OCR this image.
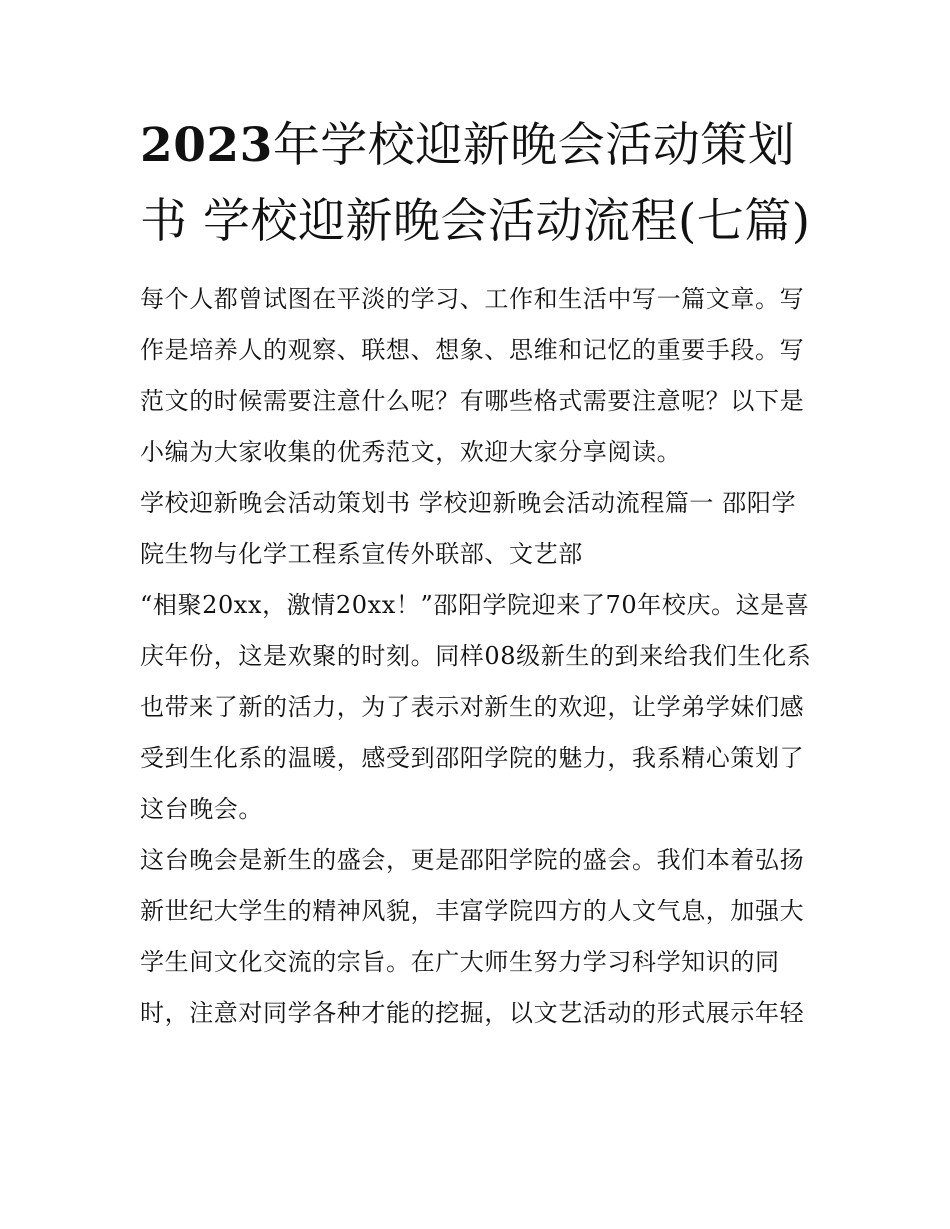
2023年学校迎新晚会活动策划书 学校迎新晚会活动流程(七篇)

每个人都曾试图在平淡的学习、工作和生活中写一篇文章。写作是培养人的观察、联想、想象、思维和记忆的重要手段。写范文的时候需要注意什么呢？有哪些格式需要注意呢？以下是小编为大家收集的优秀范文，欢迎大家分享阅读。

学校迎新晚会活动策划书 学校迎新晚会活动流程篇一 邵阳学院生物与化学工程系宣传外联部、文艺部

“相聚20xx，激情20xx！”邵阳学院迎来了70年校庆。这是喜庆年份，这是欢聚的时刻。同样08级新生的到来给我们生化系也带来了新的活力，为了表示对新生的欢迎，让学弟学妹们感受到生化系的温暖，感受到邵阳学院的魅力，我系精心策划了这台晚会。

这台晚会是新生的盛会，更是邵阳学院的盛会。我们本着弘扬新世纪大学生的精神风貌，丰富学院四方的人文气息，加强大学生间文化交流的宗旨。在广大师生努力学习科学知识的同时，注意对同学各种才能的挖掘，以文艺活动的形式展示年轻
